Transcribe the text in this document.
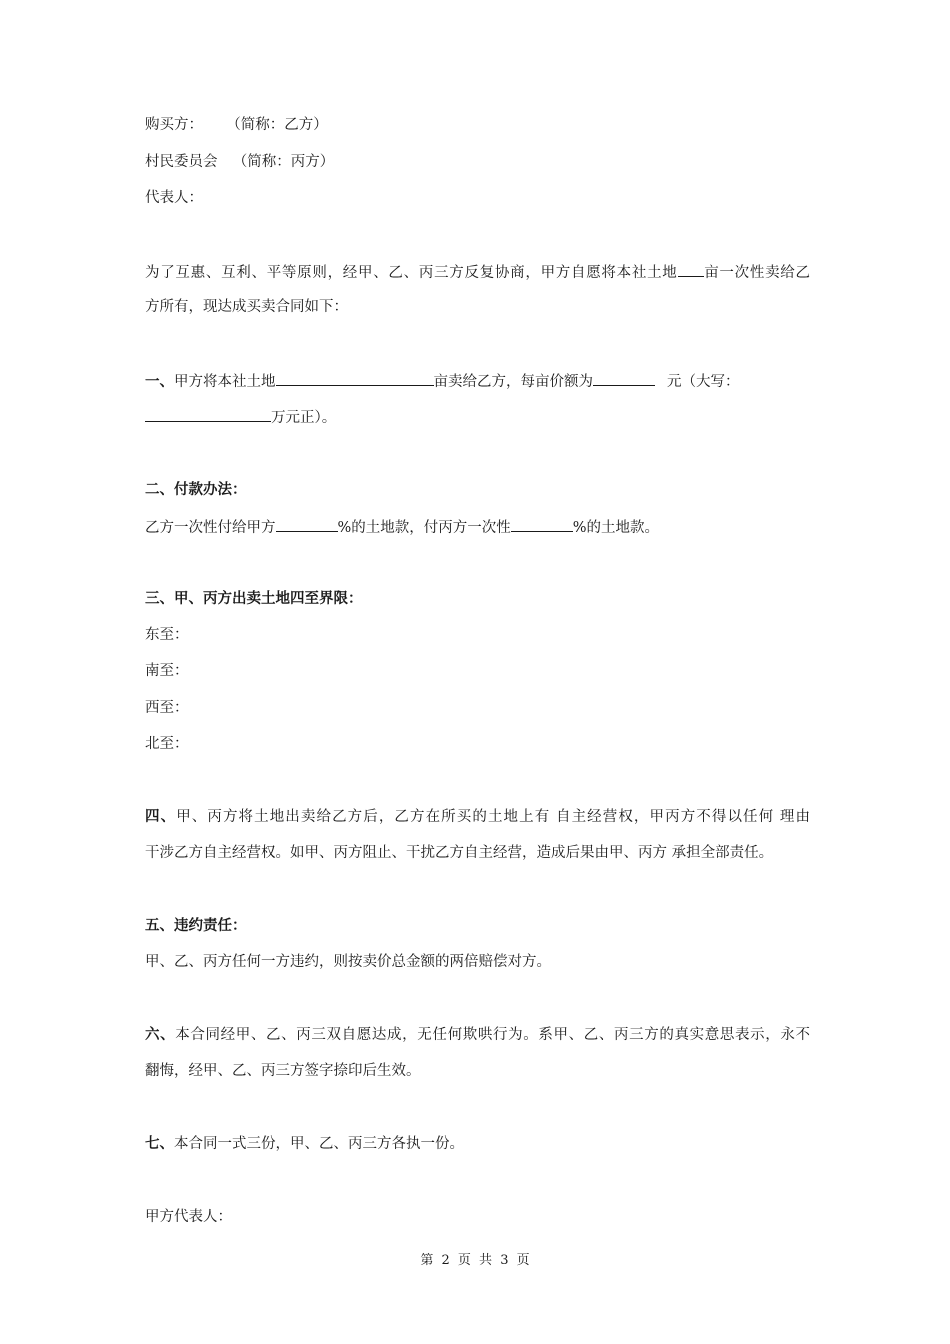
购买方： （简称：乙方）
村民委员会 （简称：丙方）
代表人：
为了互惠、互利、平等原则，经甲、乙、丙三方反复协商，甲方自愿将本社土地 亩一次性卖给乙
方所有，现达成买卖合同如下：
一、甲方将本社土地	亩卖给乙方，每亩价额为	元（大写：
万元正）。
二、付款办法：
乙方一次性付给甲方	%的土地款，付丙方一次性	%的土地款。
三、甲、丙方出卖土地四至界限：
东至：
南至：
西至：
北至：
四、甲、丙方将土地出卖给乙方后，乙方在所买的土地上有 自主经营权，甲丙方不得以任何 理由
干涉乙方自主经营权。如甲、丙方阻止、干扰乙方自主经营，造成后果由甲、丙方 承担全部责任。
五、违约责任：
甲、乙、丙方任何一方违约，则按卖价总金额的两倍赔偿对方。
六、本合同经甲、乙、丙三双自愿达成，无任何欺哄行为。系甲、乙、丙三方的真实意思表示，永不
翻悔，经甲、乙、丙三方签字捺印后生效。
七、本合同一式三份，甲、乙、丙三方各执一份。
甲方代表人：
第 2 页 共 3 页
